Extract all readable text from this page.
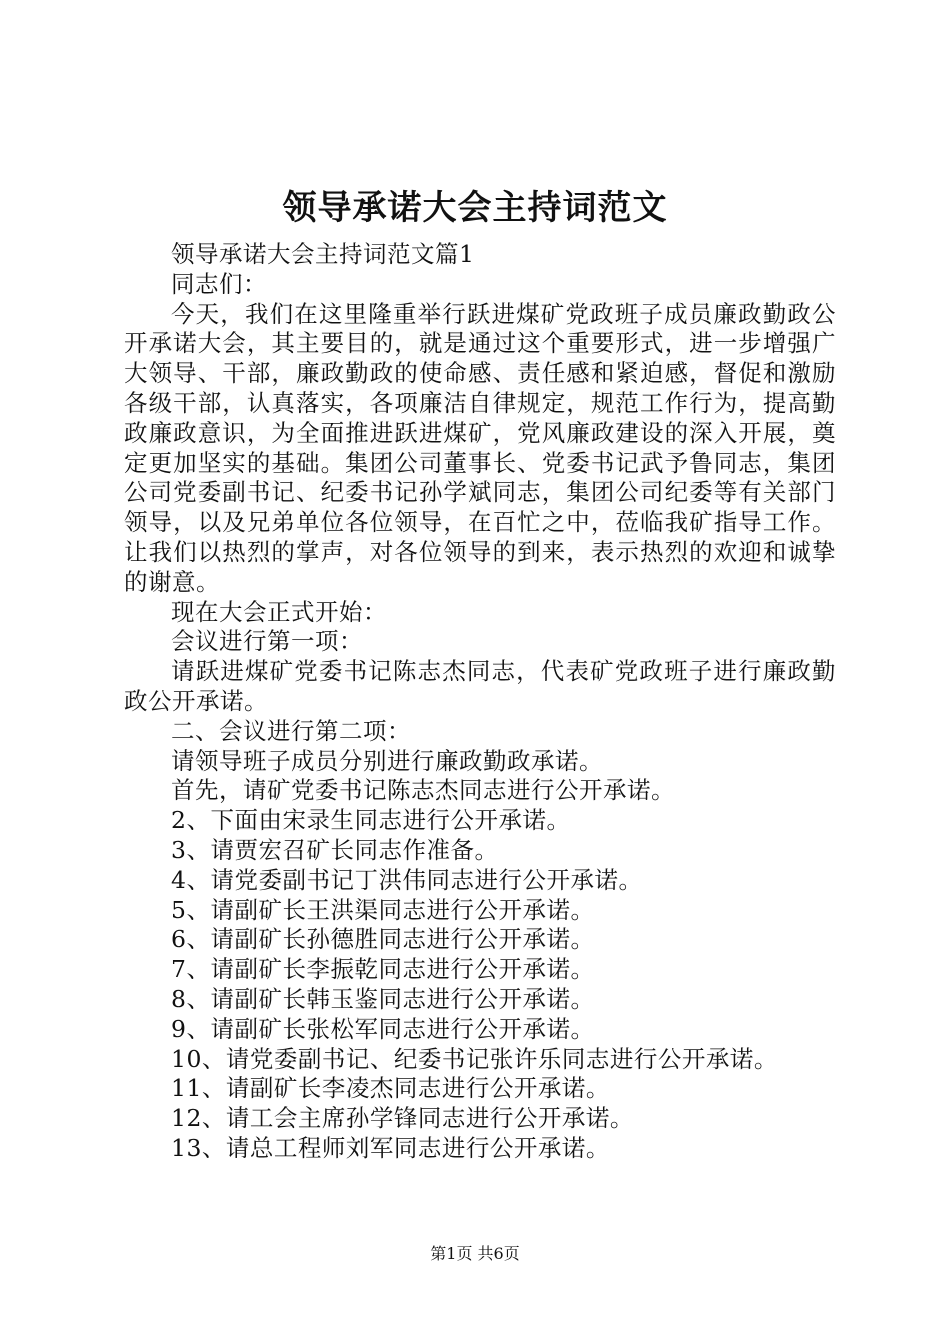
领导承诺大会主持词范文

领导承诺大会主持词范文篇1

同志们：

今天，我们在这里隆重举行跃进煤矿党政班子成员廉政勤政公开承诺大会，其主要目的，就是通过这个重要形式，进一步增强广大领导、干部，廉政勤政的使命感、责任感和紧迫感，督促和激励各级干部，认真落实，各项廉洁自律规定，规范工作行为，提高勤政廉政意识，为全面推进跃进煤矿，党风廉政建设的深入开展，奠定更加坚实的基础。集团公司董事长、党委书记武予鲁同志，集团公司党委副书记、纪委书记孙学斌同志，集团公司纪委等有关部门领导，以及兄弟单位各位领导，在百忙之中，莅临我矿指导工作。让我们以热烈的掌声，对各位领导的到来，表示热烈的欢迎和诚挚的谢意。

现在大会正式开始：

会议进行第一项：

请跃进煤矿党委书记陈志杰同志，代表矿党政班子进行廉政勤政公开承诺。

二、会议进行第二项：

请领导班子成员分别进行廉政勤政承诺。

首先，请矿党委书记陈志杰同志进行公开承诺。

2、下面由宋录生同志进行公开承诺。

3、请贾宏召矿长同志作准备。

4、请党委副书记丁洪伟同志进行公开承诺。

5、请副矿长王洪渠同志进行公开承诺。

6、请副矿长孙德胜同志进行公开承诺。

7、请副矿长李振乾同志进行公开承诺。

8、请副矿长韩玉鉴同志进行公开承诺。

9、请副矿长张松军同志进行公开承诺。

10、请党委副书记、纪委书记张许乐同志进行公开承诺。

11、请副矿长李凌杰同志进行公开承诺。

12、请工会主席孙学锋同志进行公开承诺。

13、请总工程师刘军同志进行公开承诺。

第1页 共6页
